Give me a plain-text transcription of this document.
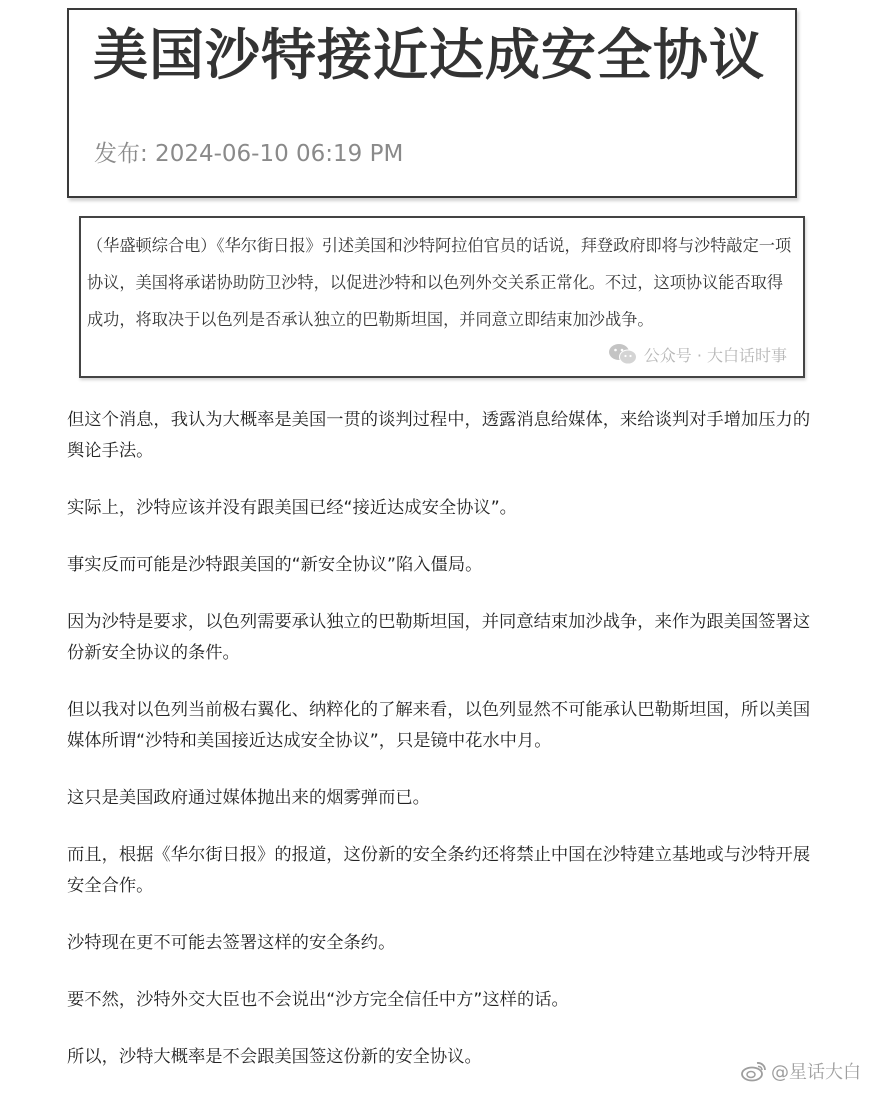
美国沙特接近达成安全协议
发布: 2024-06-10 06:19 PM
（华盛顿综合电）《华尔街日报》引述美国和沙特阿拉伯官员的话说，拜登政府即将与沙特敲定一项协议，美国将承诺协助防卫沙特，以促进沙特和以色列外交关系正常化。不过，这项协议能否取得成功，将取决于以色列是否承认独立的巴勒斯坦国，并同意立即结束加沙战争。
公众号 · 大白话时事

但这个消息，我认为大概率是美国一贯的谈判过程中，透露消息给媒体，来给谈判对手增加压力的舆论手法。

实际上，沙特应该并没有跟美国已经“接近达成安全协议”。

事实反而可能是沙特跟美国的“新安全协议”陷入僵局。

因为沙特是要求，以色列需要承认独立的巴勒斯坦国，并同意结束加沙战争，来作为跟美国签署这份新安全协议的条件。

但以我对以色列当前极右翼化、纳粹化的了解来看，以色列显然不可能承认巴勒斯坦国，所以美国媒体所谓“沙特和美国接近达成安全协议”，只是镜中花水中月。

这只是美国政府通过媒体抛出来的烟雾弹而已。

而且，根据《华尔街日报》的报道，这份新的安全条约还将禁止中国在沙特建立基地或与沙特开展安全合作。

沙特现在更不可能去签署这样的安全条约。

要不然，沙特外交大臣也不会说出“沙方完全信任中方”这样的话。

所以，沙特大概率是不会跟美国签这份新的安全协议。

@星话大白
